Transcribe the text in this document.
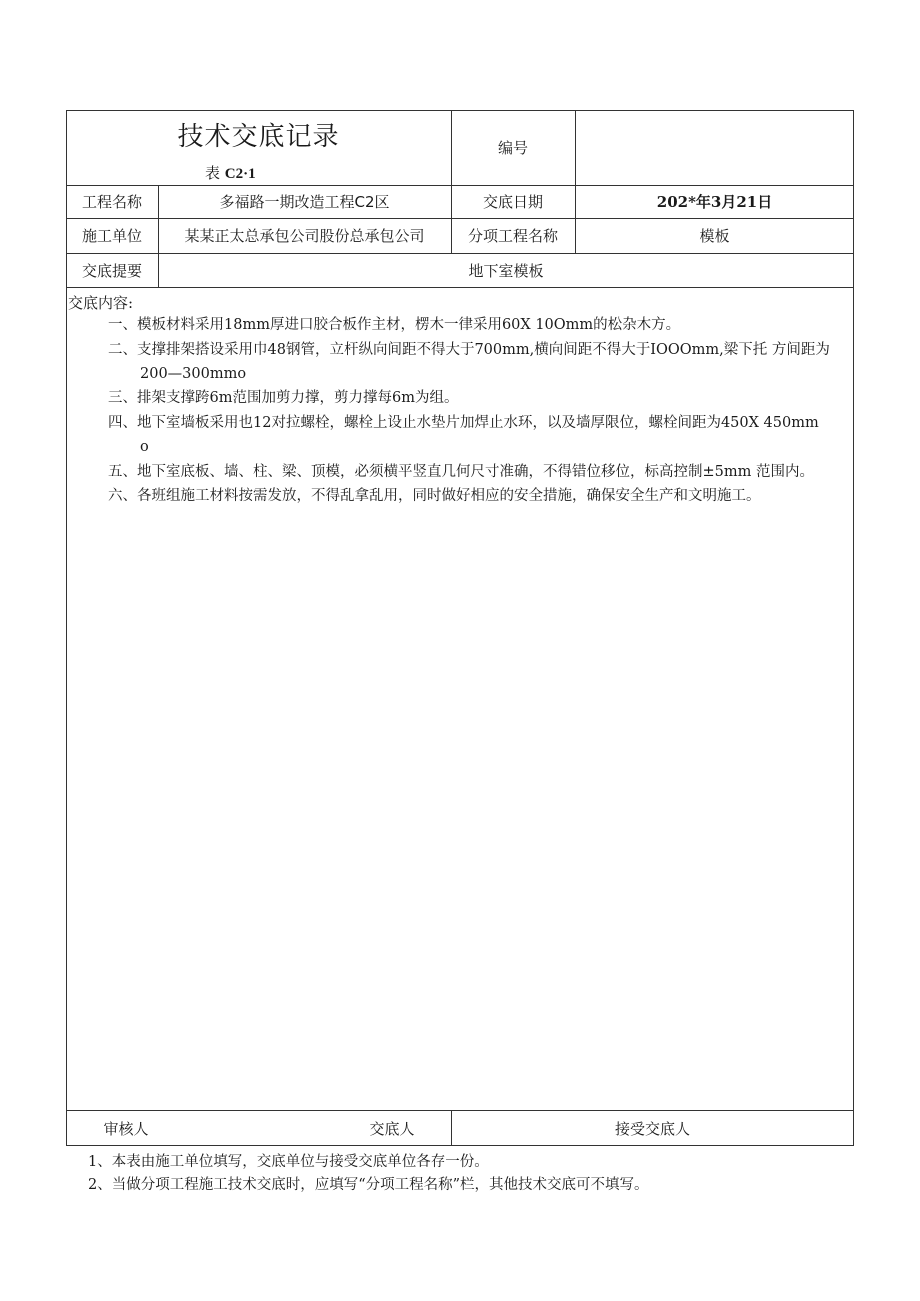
技术交底记录
表 C2·1
编号
工程名称	多福路一期改造工程C2区	交底日期	202*年3月21日
施工单位	某某正太总承包公司股份总承包公司	分项工程名称	模板
交底提要	地下室模板
交底内容:
一、模板材料采用18mm厚进口胶合板作主材，楞木一律采用60X 10Omm的松杂木方。
二、支撑排架搭设采用巾48钢管，立杆纵向间距不得大于700mm,横向间距不得大于IOOOmm,梁下托 方间距为
200—300mmo
三、排架支撑跨6m范围加剪力撑，剪力撑每6m为组。
四、地下室墙板采用也12对拉螺栓，螺栓上设止水垫片加焊止水环，以及墙厚限位，螺栓间距为450X 450mm
o
五、地下室底板、墙、柱、梁、顶模，必须横平竖直几何尺寸准确，不得错位移位，标高控制±5mm 范围内。
六、各班组施工材料按需发放，不得乱拿乱用，同时做好相应的安全措施，确保安全生产和文明施工。
审核人	交底人	接受交底人
1、本表由施工单位填写，交底单位与接受交底单位各存一份。
2、当做分项工程施工技术交底时，应填写“分项工程名称”栏，其他技术交底可不填写。
